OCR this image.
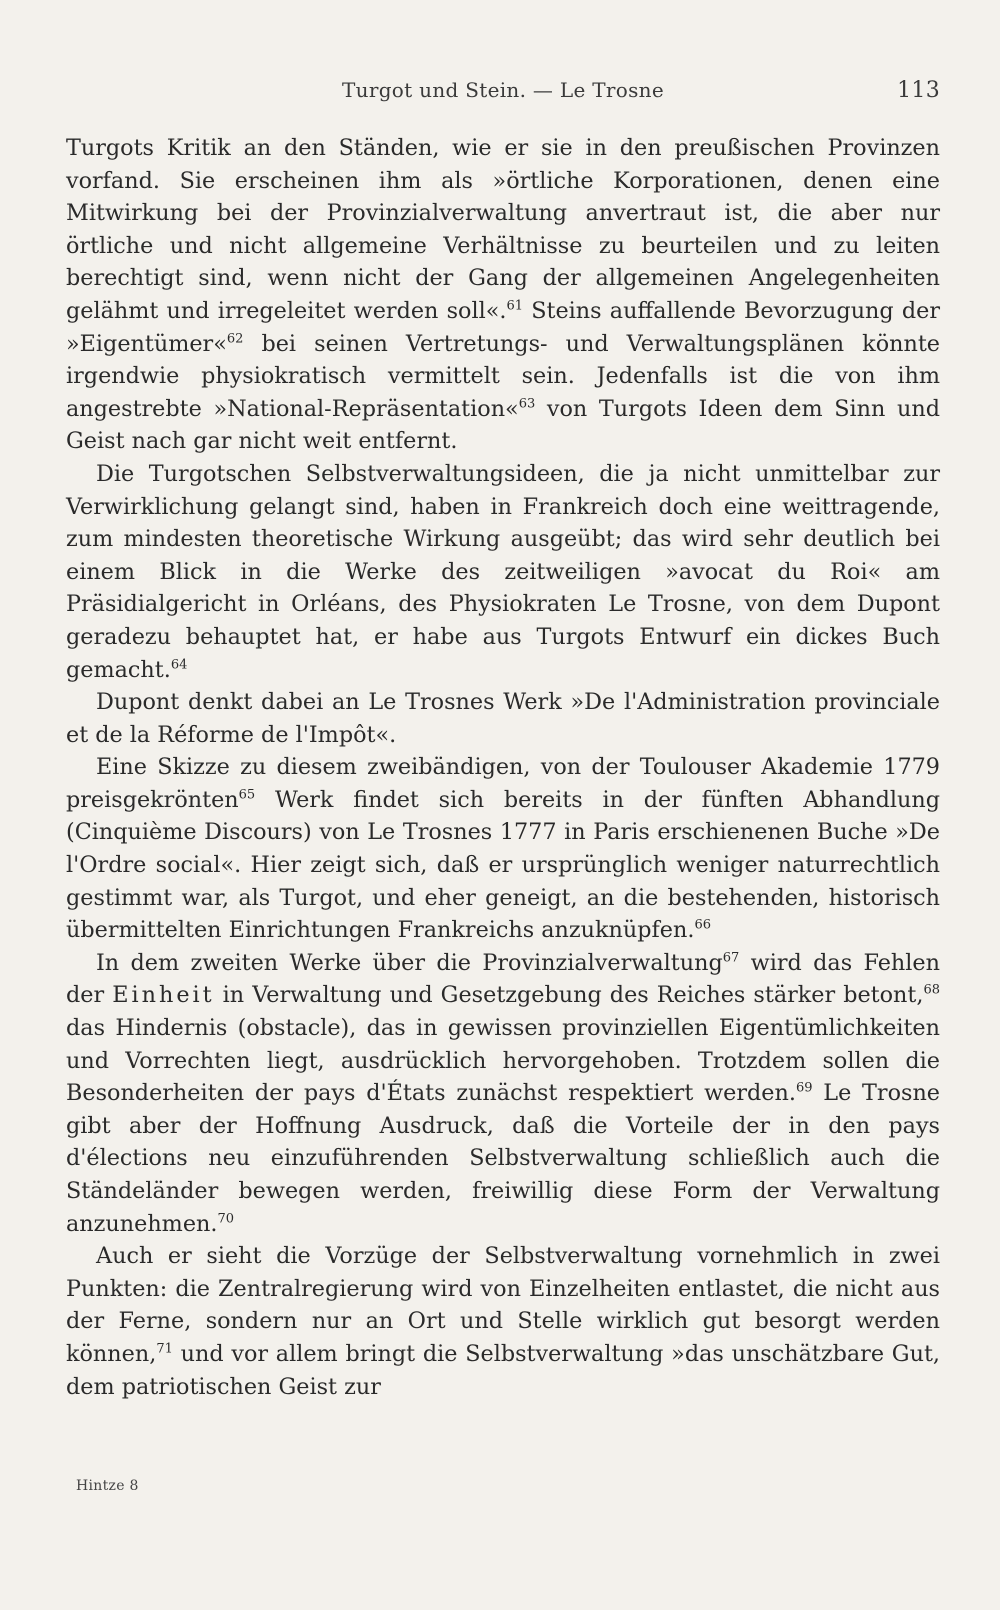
Turgot und Stein. — Le Trosne	113

Turgots Kritik an den Ständen, wie er sie in den preußischen Provinzen vorfand. Sie erscheinen ihm als »örtliche Korporationen, denen eine Mitwirkung bei der Provinzialverwaltung anvertraut ist, die aber nur örtliche und nicht allgemeine Verhältnisse zu beurteilen und zu leiten berechtigt sind, wenn nicht der Gang der allgemeinen Angelegenheiten gelähmt und irregeleitet werden soll«.$^{61}$ Steins auffallende Bevorzugung der »Eigentümer«$^{62}$ bei seinen Vertretungs- und Verwaltungsplänen könnte irgendwie physiokratisch vermittelt sein. Jedenfalls ist die von ihm angestrebte »National-Repräsentation«$^{63}$ von Turgots Ideen dem Sinn und Geist nach gar nicht weit entfernt.

Die Turgotschen Selbstverwaltungsideen, die ja nicht unmittelbar zur Verwirklichung gelangt sind, haben in Frankreich doch eine weittragende, zum mindesten theoretische Wirkung ausgeübt; das wird sehr deutlich bei einem Blick in die Werke des zeitweiligen »avocat du Roi« am Präsidialgericht in Orléans, des Physiokraten Le Trosne, von dem Dupont geradezu behauptet hat, er habe aus Turgots Entwurf ein dickes Buch gemacht.$^{64}$

Dupont denkt dabei an Le Trosnes Werk »De l'Administration provinciale et de la Réforme de l'Impôt«.

Eine Skizze zu diesem zweibändigen, von der Toulouser Akademie 1779 preisgekrönten$^{65}$ Werk findet sich bereits in der fünften Abhandlung (Cinquième Discours) von Le Trosnes 1777 in Paris erschienenen Buche »De l'Ordre social«. Hier zeigt sich, daß er ursprünglich weniger naturrechtlich gestimmt war, als Turgot, und eher geneigt, an die bestehenden, historisch übermittelten Einrichtungen Frankreichs anzuknüpfen.$^{66}$

In dem zweiten Werke über die Provinzialverwaltung$^{67}$ wird das Fehlen der Einheit in Verwaltung und Gesetzgebung des Reiches stärker betont,$^{68}$ das Hindernis (obstacle), das in gewissen provinziellen Eigentümlichkeiten und Vorrechten liegt, ausdrücklich hervorgehoben. Trotzdem sollen die Besonderheiten der pays d'États zunächst respektiert werden.$^{69}$ Le Trosne gibt aber der Hoffnung Ausdruck, daß die Vorteile der in den pays d'élections neu einzuführenden Selbstverwaltung schließlich auch die Ständeländer bewegen werden, freiwillig diese Form der Verwaltung anzunehmen.$^{70}$

Auch er sieht die Vorzüge der Selbstverwaltung vornehmlich in zwei Punkten: die Zentralregierung wird von Einzelheiten entlastet, die nicht aus der Ferne, sondern nur an Ort und Stelle wirklich gut besorgt werden können,$^{71}$ und vor allem bringt die Selbstverwaltung »das unschätzbare Gut, dem patriotischen Geist zur

Hintze 8
